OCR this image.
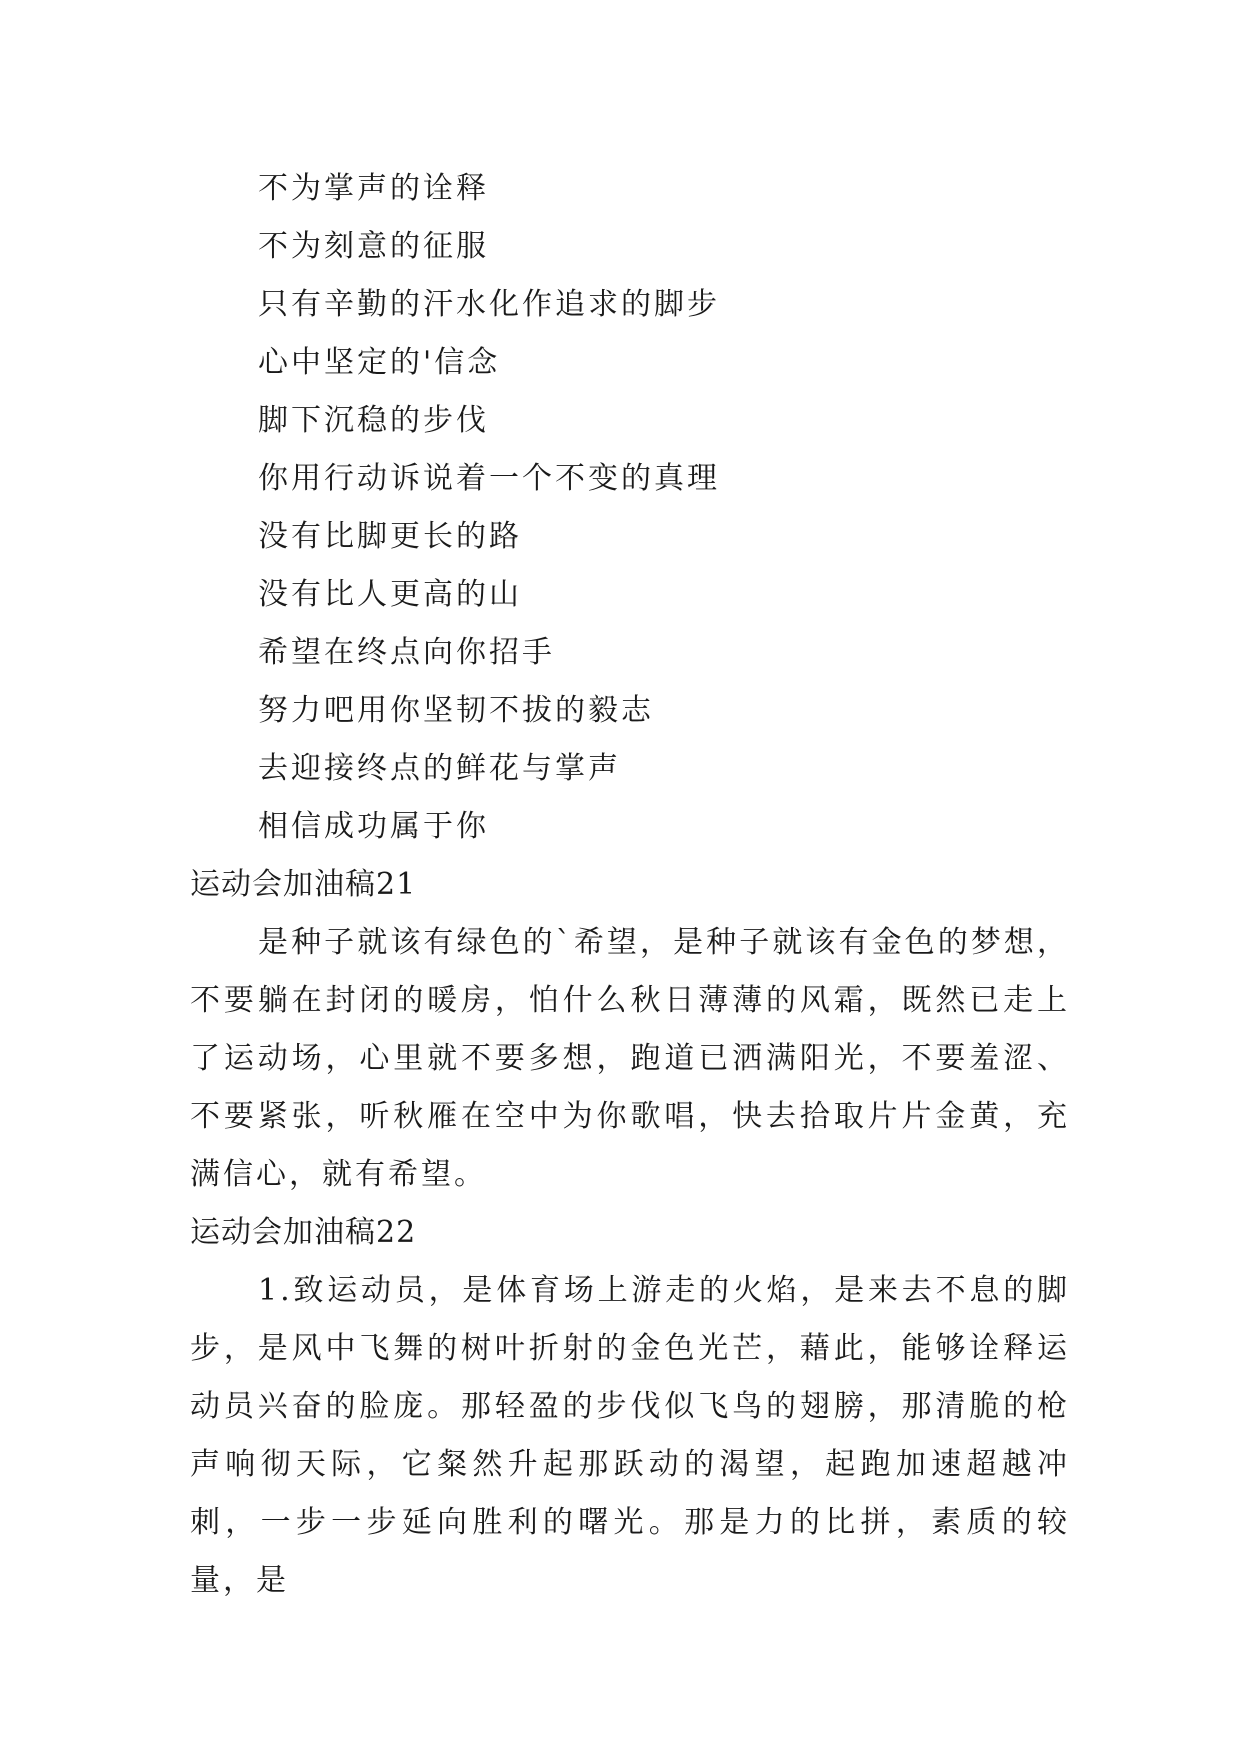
不为掌声的诠释
不为刻意的征服
只有辛勤的汗水化作追求的脚步
心中坚定的'信念
脚下沉稳的步伐
你用行动诉说着一个不变的真理
没有比脚更长的路
没有比人更高的山
希望在终点向你招手
努力吧用你坚韧不拔的毅志
去迎接终点的鲜花与掌声
相信成功属于你
运动会加油稿21

是种子就该有绿色的`希望，是种子就该有金色的梦想，不要躺在封闭的暖房，怕什么秋日薄薄的风霜，既然已走上了运动场，心里就不要多想，跑道已洒满阳光，不要羞涩、不要紧张，听秋雁在空中为你歌唱，快去拾取片片金黄，充满信心，就有希望。

运动会加油稿22

1.致运动员，是体育场上游走的火焰，是来去不息的脚步，是风中飞舞的树叶折射的金色光芒，藉此，能够诠释运动员兴奋的脸庞。那轻盈的步伐似飞鸟的翅膀，那清脆的枪声响彻天际，它粲然升起那跃动的渴望，起跑加速超越冲刺，一步一步延向胜利的曙光。那是力的比拼，素质的较量，是
